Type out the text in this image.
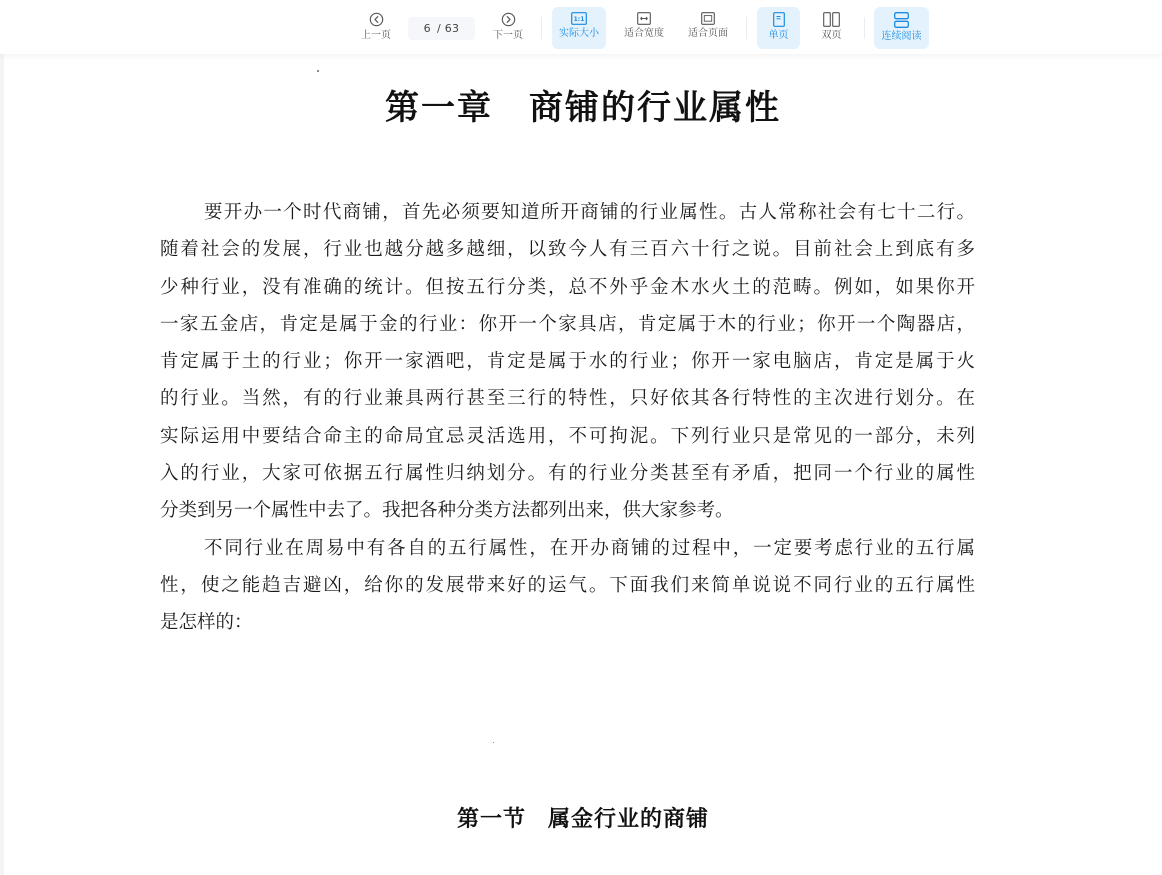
上一页
6 / 63
下一页
1:1
实际大小	适合宽度 适合页面	单页	双页	连续阅读
第一章 商铺的行业属性
要开办一个时代商铺，首先必须要知道所开商铺的行业属性。古人常称社会有七十二行。
随着社会的发展，行业也越分越多越细，以致今人有三百六十行之说。目前社会上到底有多
少种行业，没有准确的统计。但按五行分类，总不外乎金木水火土的范畴。例如，如果你开
一家五金店，肯定是属于金的行业：你开一个家具店，肯定属于木的行业；你开一个陶器店，
肯定属于土的行业；你开一家酒吧，肯定是属于水的行业；你开一家电脑店，肯定是属于火
的行业。当然，有的行业兼具两行甚至三行的特性，只好依其各行特性的主次进行划分。在
实际运用中要结合命主的命局宜忌灵活选用，不可拘泥。下列行业只是常见的一部分，未列
入的行业，大家可依据五行属性归纳划分。有的行业分类甚至有矛盾，把同一个行业的属性
分类到另一个属性中去了。我把各种分类方法都列出来，供大家参考。
不同行业在周易中有各自的五行属性，在开办商铺的过程中，一定要考虑行业的五行属
性，使之能趋吉避凶，给你的发展带来好的运气。下面我们来简单说说不同行业的五行属性
是怎样的：
第一节 属金行业的商铺
